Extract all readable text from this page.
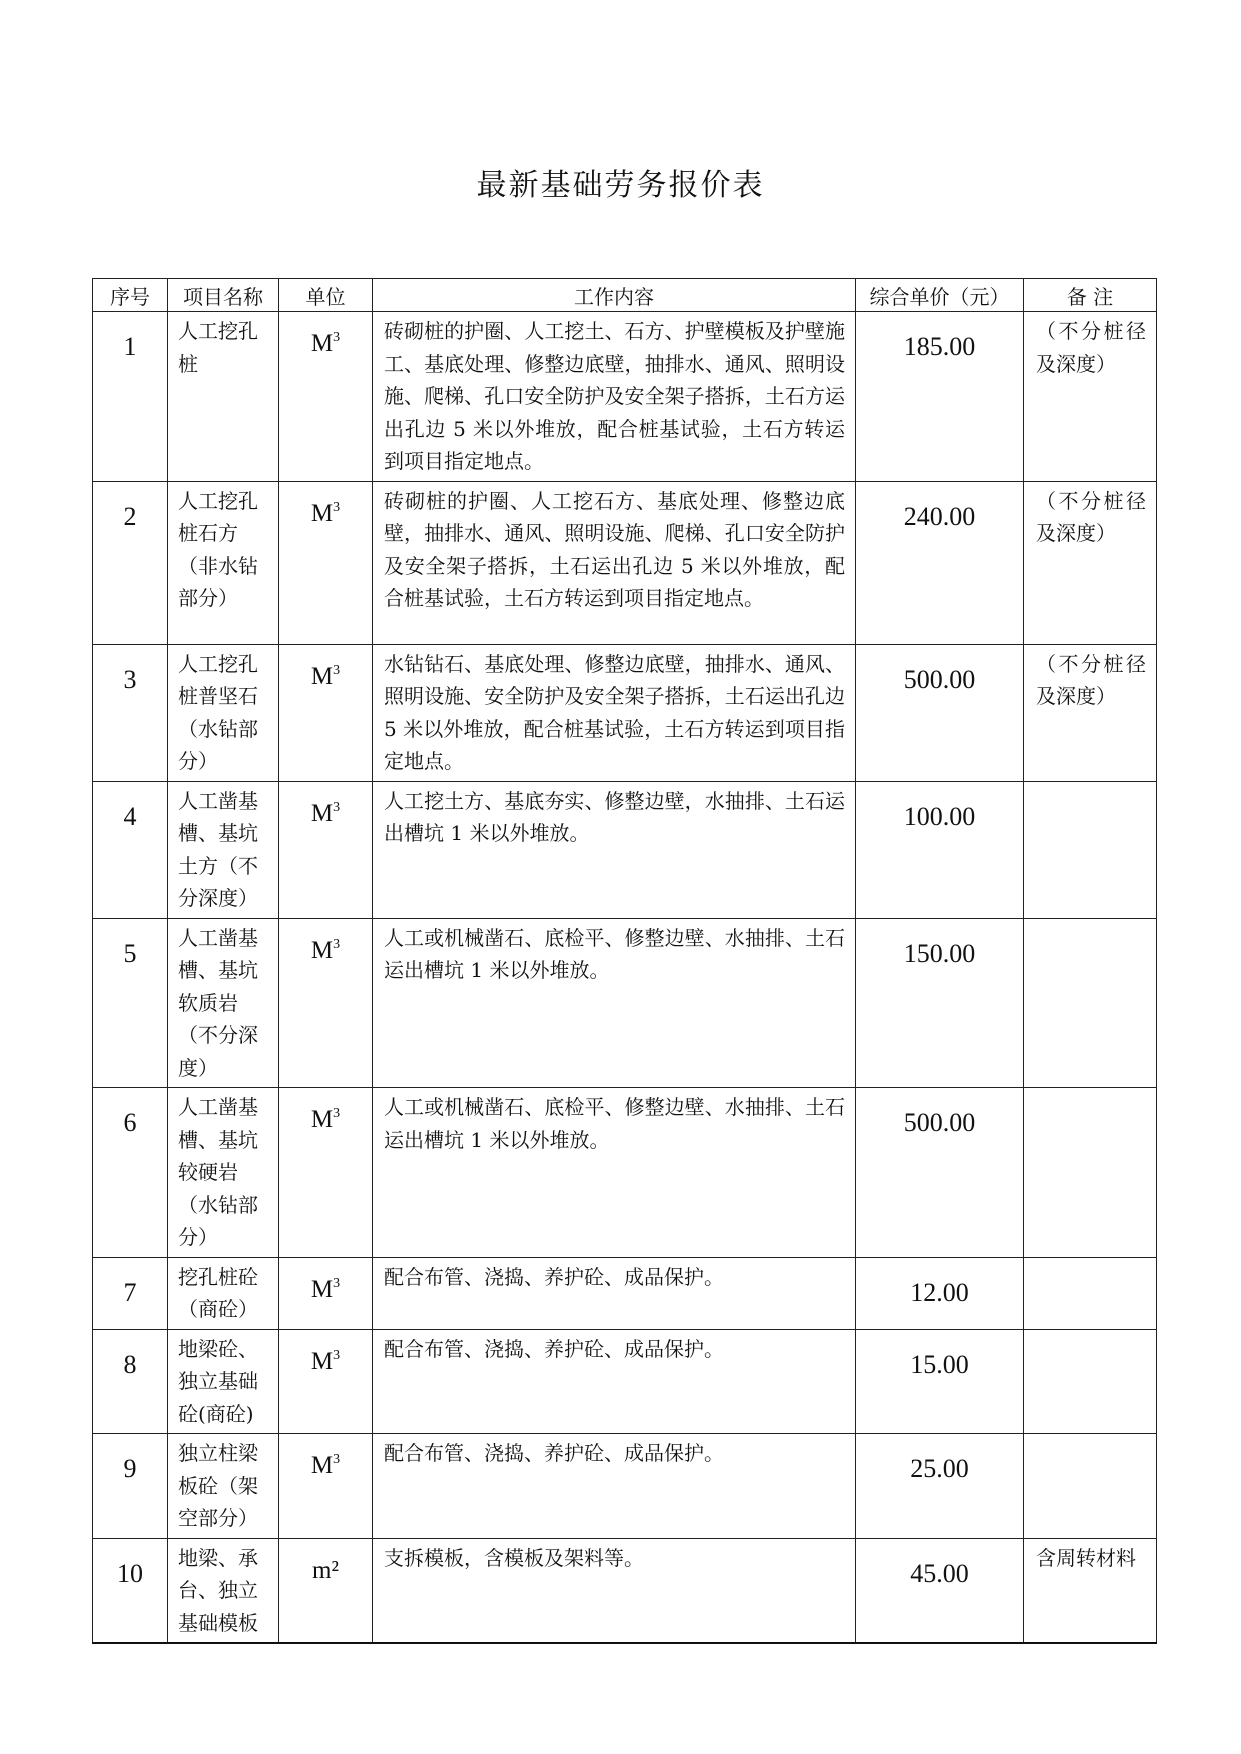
最新基础劳务报价表
序号	项目名称	单位	工作内容	综合单价（元）	备 注
1	人工挖孔桩	$M^3$	砖砌桩的护圈、人工挖土、石方、护壁模板及护壁施工、基底处理、修整边底壁，抽排水、通风、照明设施、爬梯、孔口安全防护及安全架子搭拆，土石方运出孔边 5 米以外堆放，配合桩基试验，土石方转运到项目指定地点。	185.00	（不分桩径及深度）
2	人工挖孔桩石方（非水钻部分）	$M^3$	砖砌桩的护圈、人工挖石方、基底处理、修整边底壁，抽排水、通风、照明设施、爬梯、孔口安全防护及安全架子搭拆，土石运出孔边 5 米以外堆放，配合桩基试验，土石方转运到项目指定地点。	240.00	（不分桩径及深度）
3	人工挖孔桩普坚石（水钻部分）	$M^3$	水钻钻石、基底处理、修整边底壁，抽排水、通风、照明设施、安全防护及安全架子搭拆，土石运出孔边 5 米以外堆放，配合桩基试验，土石方转运到项目指定地点。	500.00	（不分桩径及深度）
4	人工凿基槽、基坑土方（不分深度）	$M^3$	人工挖土方、基底夯实、修整边壁，水抽排、土石运出槽坑 1 米以外堆放。	100.00	
5	人工凿基槽、基坑软质岩（不分深度）	$M^3$	人工或机械凿石、底检平、修整边壁、水抽排、土石运出槽坑 1 米以外堆放。	150.00	
6	人工凿基槽、基坑较硬岩（水钻部分）	$M^3$	人工或机械凿石、底检平、修整边壁、水抽排、土石运出槽坑 1 米以外堆放。	500.00	
7	挖孔桩砼（商砼）	$M^3$	配合布管、浇捣、养护砼、成品保护。	12.00	
8	地梁砼、独立基础砼(商砼)	$M^3$	配合布管、浇捣、养护砼、成品保护。	15.00	
9	独立柱梁板砼（架空部分）	$M^3$	配合布管、浇捣、养护砼、成品保护。	25.00	
10	地梁、承台、独立基础模板	m²	支拆模板，含模板及架料等。	45.00	含周转材料
